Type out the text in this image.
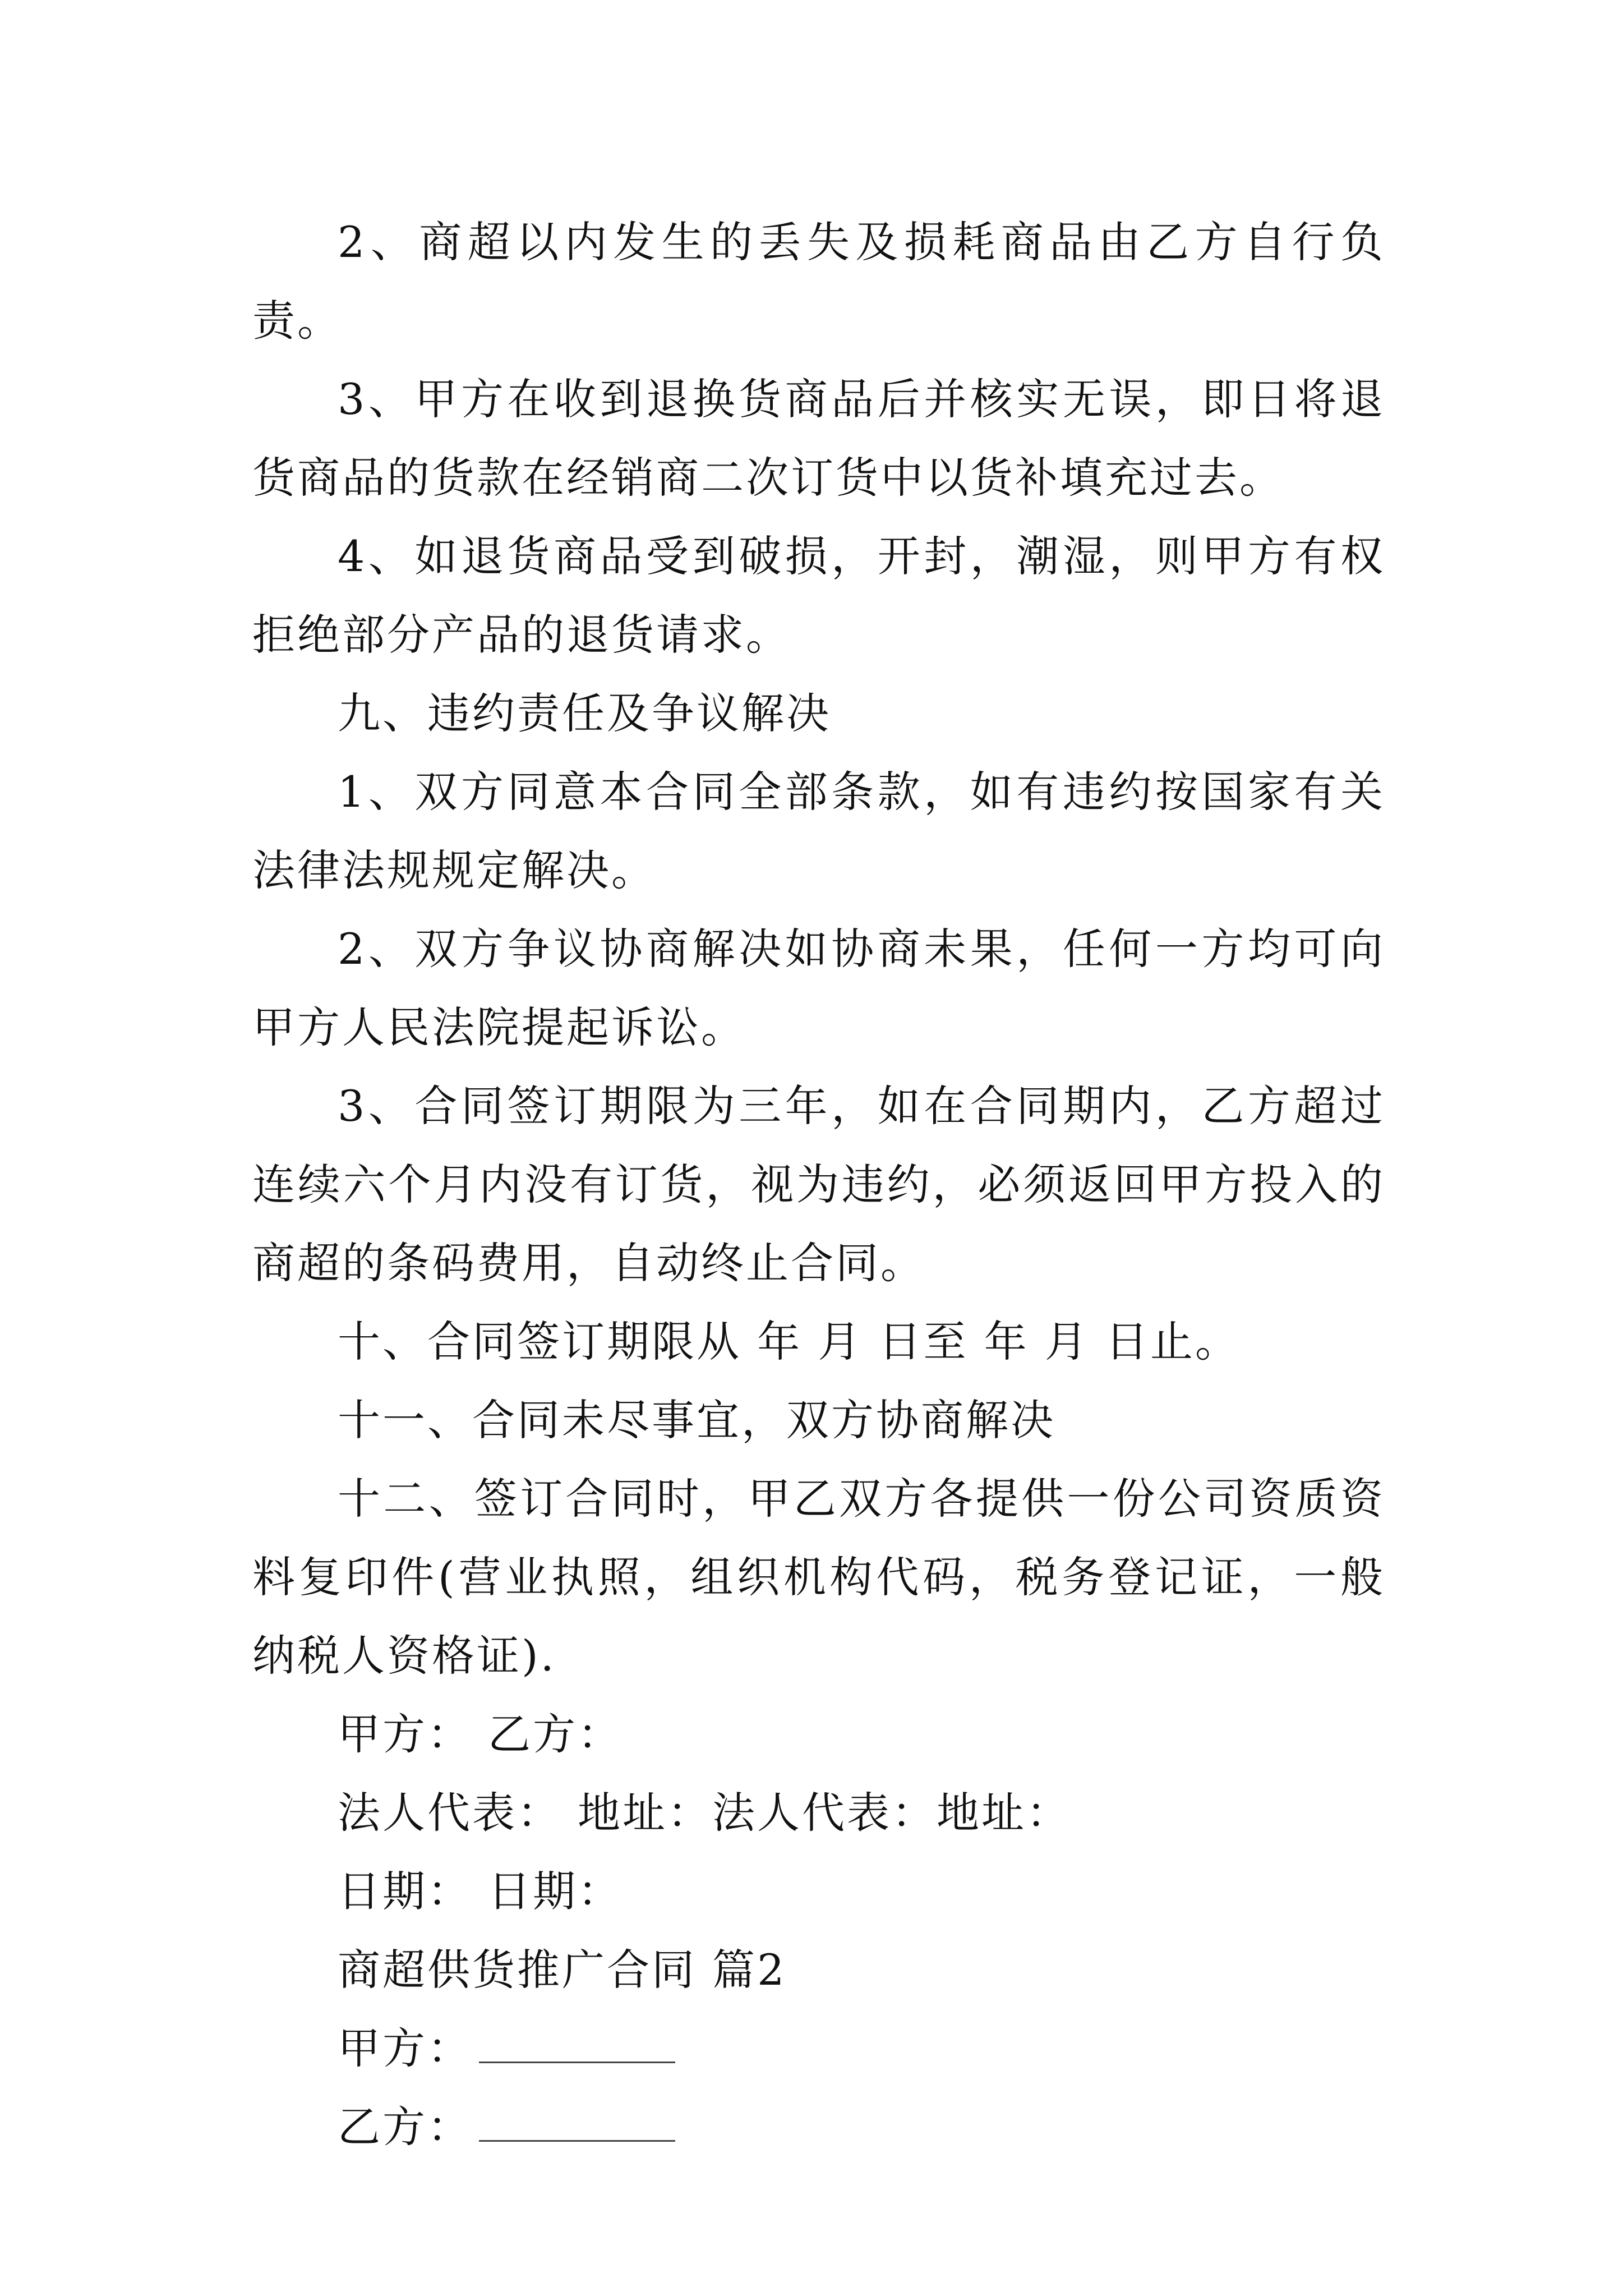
2、商超以内发生的丢失及损耗商品由乙方自行负责。

3、甲方在收到退换货商品后并核实无误，即日将退货商品的货款在经销商二次订货中以货补填充过去。

4、如退货商品受到破损，开封，潮湿，则甲方有权拒绝部分产品的退货请求。

九、违约责任及争议解决

1、双方同意本合同全部条款，如有违约按国家有关法律法规规定解决。

2、双方争议协商解决如协商未果，任何一方均可向甲方人民法院提起诉讼。

3、合同签订期限为三年，如在合同期内，乙方超过连续六个月内没有订货，视为违约，必须返回甲方投入的商超的条码费用，自动终止合同。

十、合同签订期限从 年 月 日至 年 月 日止。

十一、合同未尽事宜，双方协商解决

十二、签订合同时，甲乙双方各提供一份公司资质资料复印件(营业执照，组织机构代码，税务登记证，一般纳税人资格证).

甲方： 乙方：

法人代表： 地址：法人代表：地址：

日期： 日期：

商超供货推广合同 篇2

甲方：

乙方：
